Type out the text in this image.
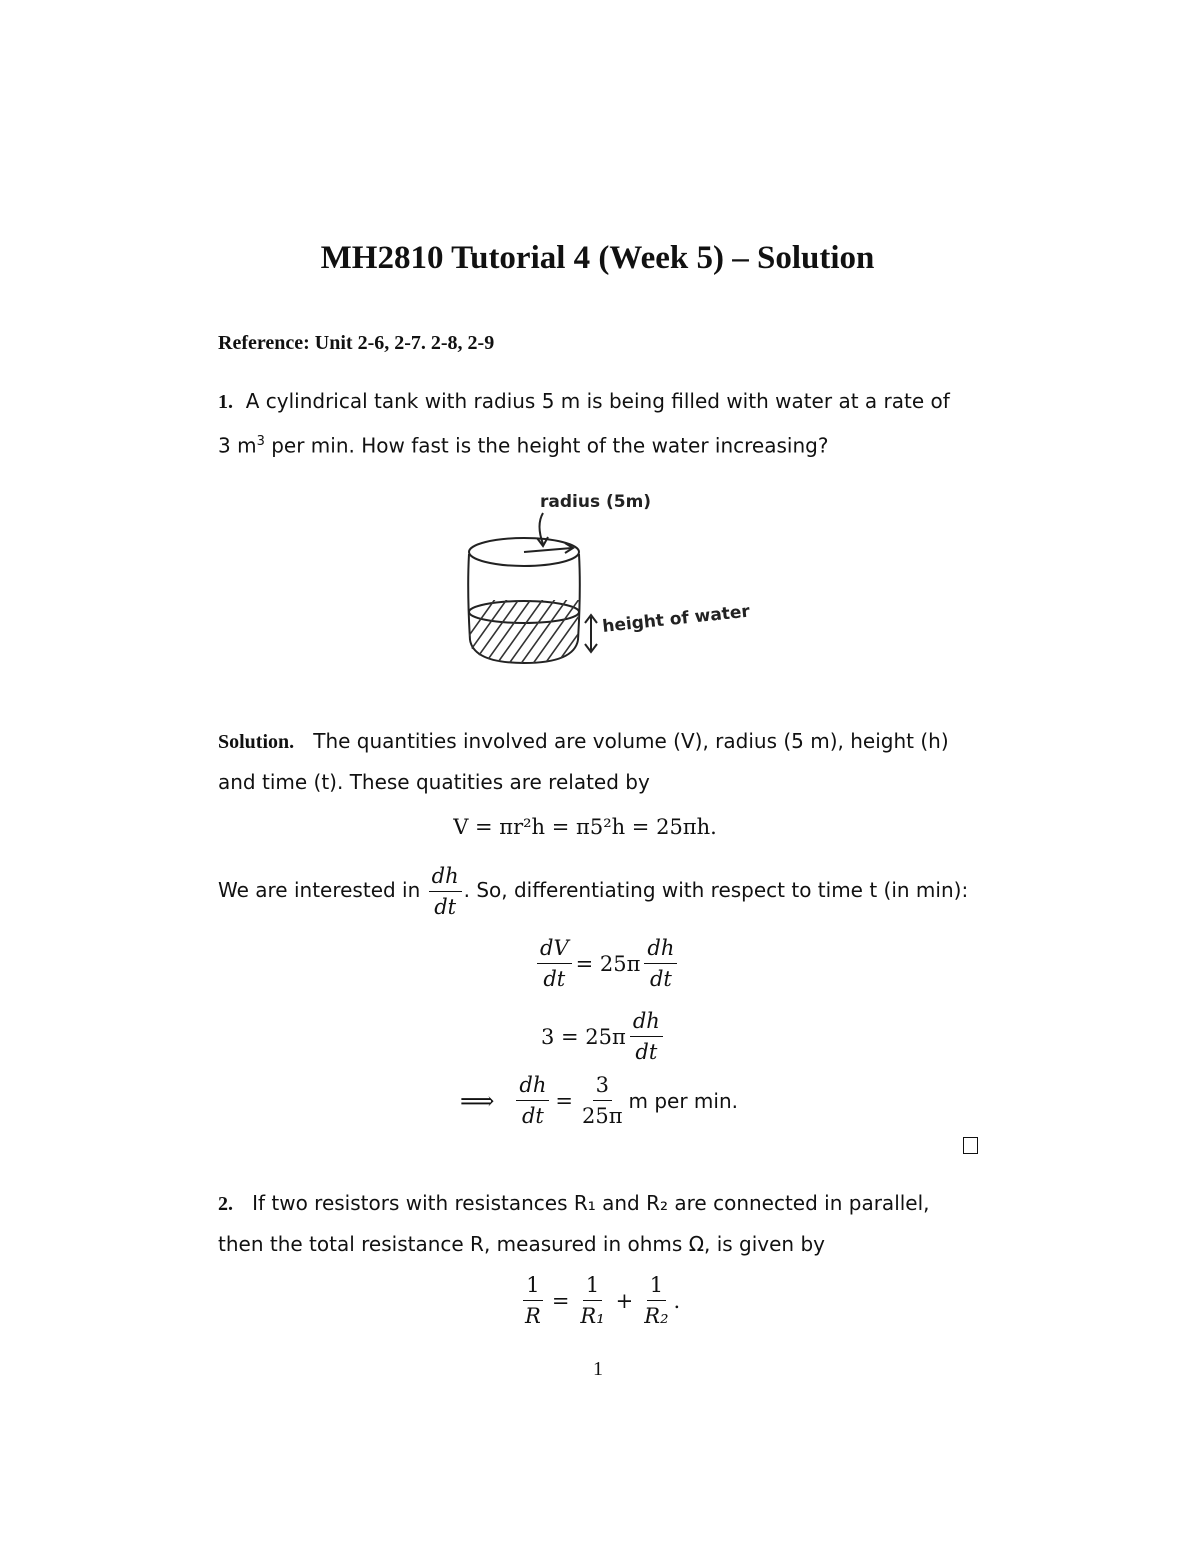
MH2810 Tutorial 4 (Week 5) – Solution
Reference: Unit 2-6, 2-7. 2-8, 2-9
1. A cylindrical tank with radius 5 m is being filled with water at a rate of
3 $m^3$ per min. How fast is the height of the water increasing?
radius (5m)
height of water
Solution. The quantities involved are volume (V), radius (5 m), height (h)
and time (t). These quatities are related by
V = πr²h = π5²h = 25πh.
We are interested in $\frac{dh}{dt}$ . So, differentiating with respect to time t (in min):
$\frac{dV}{dt} = 25\pi \frac{dh}{dt}$
$3 = 25\pi \frac{dh}{dt}$
⟹ $\frac{dh}{dt} = \frac{3}{25\pi}$ m per min.
2. If two resistors with resistances R₁ and R₂ are connected in parallel,
then the total resistance R, measured in ohms Ω, is given by
$\frac{1}{R} = \frac{1}{\text{R₁}} + \frac{1}{\text{R₂}}$ .
1
